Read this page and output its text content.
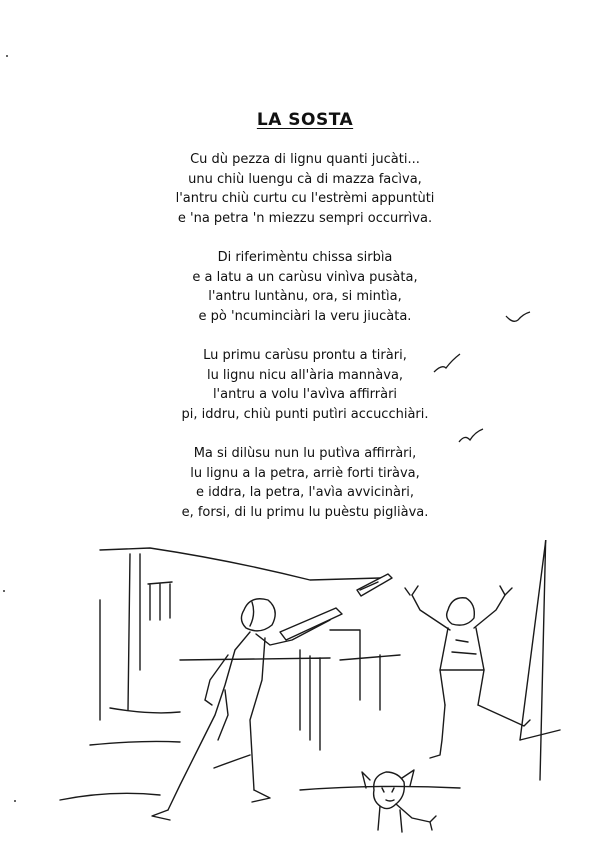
LA SOSTA
Cu dù pezza di lignu quanti jucàti...
unu chiù luengu cà di mazza facìva,
l'antru chiù curtu cu l'estrèmi appuntùti
e 'na petra 'n miezzu sempri occurrìva.
Di riferimèntu chissa sirbìa
e a latu a un carùsu vinìva pusàta,
l'antru luntànu, ora, si mintìa,
e pò 'ncuminciàri la veru jiucàta.
Lu primu carùsu prontu a tiràri,
lu lignu nicu all'ària mannàva,
l'antru a volu l'avìva affirràri
pi, iddru, chiù punti putìri accucchiàri.
Ma si dilùsu nun lu putìva affirràri,
lu lignu a la petra, arriè forti tiràva,
e iddra, la petra, l'avìa avvicinàri,
e, forsi, di lu primu lu puèstu pigliàva.
